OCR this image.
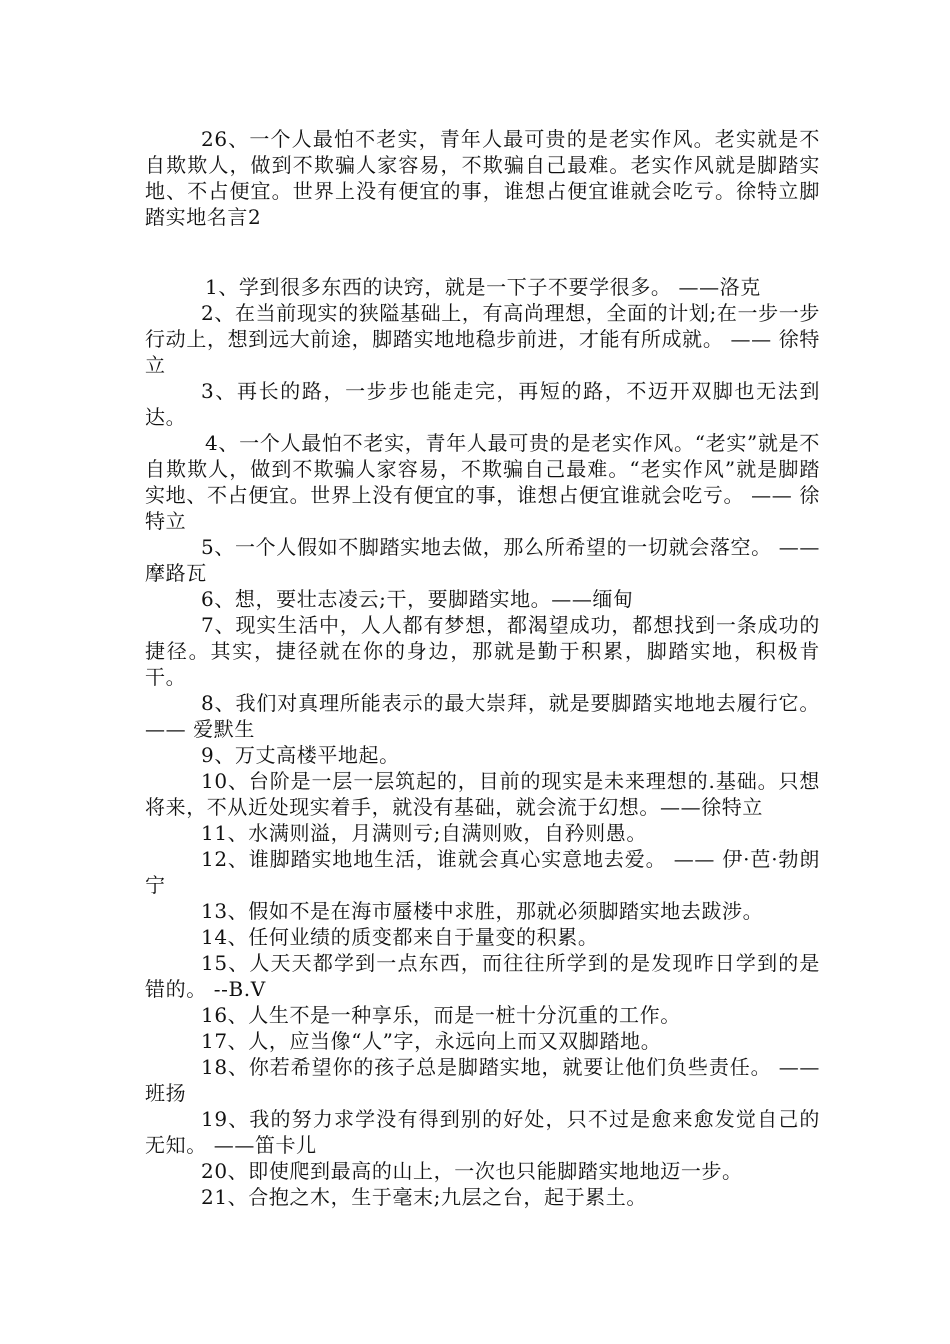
26、一个人最怕不老实，青年人最可贵的是老实作风。老实就是不自欺欺人，做到不欺骗人家容易，不欺骗自己最难。老实作风就是脚踏实地、不占便宜。世界上没有便宜的事，谁想占便宜谁就会吃亏。徐特立脚踏实地名言2

1、学到很多东西的诀窍，就是一下子不要学很多。 ——洛克

2、在当前现实的狭隘基础上，有高尚理想，全面的计划;在一步一步行动上，想到远大前途，脚踏实地地稳步前进，才能有所成就。 —— 徐特立

3、再长的路，一步步也能走完，再短的路，不迈开双脚也无法到达。

4、一个人最怕不老实，青年人最可贵的是老实作风。“老实”就是不自欺欺人，做到不欺骗人家容易，不欺骗自己最难。“老实作风”就是脚踏实地、不占便宜。世界上没有便宜的事，谁想占便宜谁就会吃亏。 —— 徐特立

5、一个人假如不脚踏实地去做，那么所希望的一切就会落空。 ——摩路瓦

6、想，要壮志凌云;干，要脚踏实地。——缅甸

7、现实生活中，人人都有梦想，都渴望成功，都想找到一条成功的捷径。其实，捷径就在你的身边，那就是勤于积累，脚踏实地，积极肯干。

8、我们对真理所能表示的最大崇拜，就是要脚踏实地地去履行它。 —— 爱默生

9、万丈高楼平地起。

10、台阶是一层一层筑起的，目前的现实是未来理想的.基础。只想将来，不从近处现实着手，就没有基础，就会流于幻想。——徐特立

11、水满则溢，月满则亏;自满则败，自矜则愚。

12、谁脚踏实地地生活，谁就会真心实意地去爱。 —— 伊·芭·勃朗宁

13、假如不是在海市蜃楼中求胜，那就必须脚踏实地去跋涉。

14、任何业绩的质变都来自于量变的积累。

15、人天天都学到一点东西，而往往所学到的是发现昨日学到的是错的。 --B.V

16、人生不是一种享乐，而是一桩十分沉重的工作。

17、人，应当像“人”字，永远向上而又双脚踏地。

18、你若希望你的孩子总是脚踏实地，就要让他们负些责任。 ——班扬

19、我的努力求学没有得到别的好处，只不过是愈来愈发觉自己的无知。 ——笛卡儿

20、即使爬到最高的山上，一次也只能脚踏实地地迈一步。

21、合抱之木，生于毫末;九层之台，起于累土。
